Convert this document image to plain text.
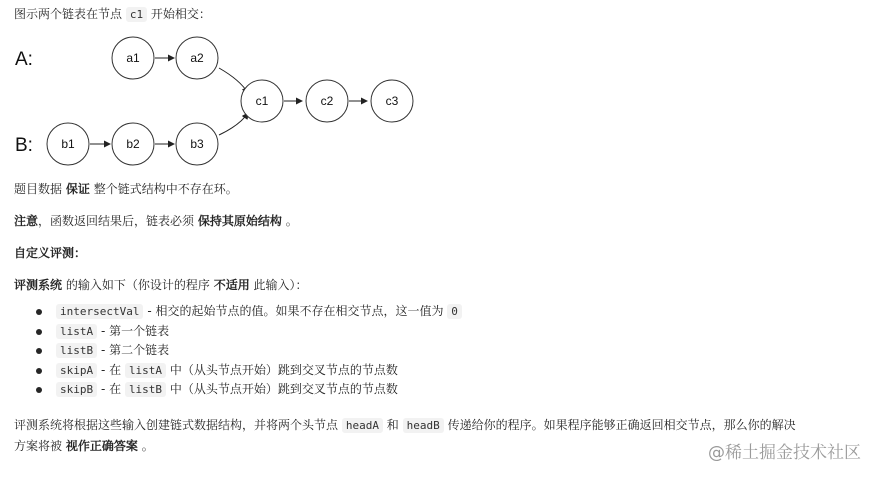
图示两个链表在节点 c1 开始相交：
A:
B:
a1	a2
c1	c2	c3
b1	b2	b3
题目数据 保证 整个链式结构中不存在环。
注意，函数返回结果后，链表必须 保持其原始结构 。
自定义评测：
评测系统 的输入如下（你设计的程序 不适用 此输入）：
intersectVal - 相交的起始节点的值。如果不存在相交节点，这一值为 0
listA - 第一个链表
listB - 第二个链表
skipA - 在 listA 中（从头节点开始）跳到交叉节点的节点数
skipB - 在 listB 中（从头节点开始）跳到交叉节点的节点数
评测系统将根据这些输入创建链式数据结构，并将两个头节点 headA 和 headB 传递给你的程序。如果程序能够正确返回相交节点，那么你的解决
方案将被 视作正确答案 。	@稀土掘金技术社区
